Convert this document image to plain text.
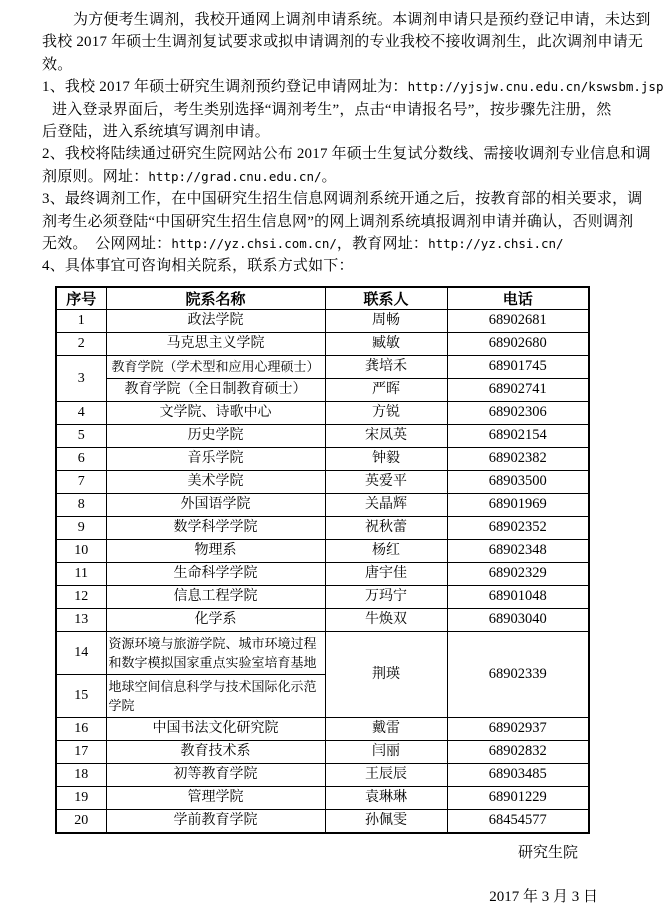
为方便考生调剂，我校开通网上调剂申请系统。本调剂申请只是预约登记申请，未达到
我校 2017 年硕士生调剂复试要求或拟申请调剂的专业我校不接收调剂生，此次调剂申请无
效。
1、我校 2017 年硕士研究生调剂预约登记申请网址为：http://yjsjw.cnu.edu.cn/kswsbm.jsp
进入登录界面后，考生类别选择“调剂考生”，点击“申请报名号”，按步骤先注册，然
后登陆，进入系统填写调剂申请。
2、我校将陆续通过研究生院网站公布 2017 年硕士生复试分数线、需接收调剂专业信息和调
剂原则。网址：http://grad.cnu.edu.cn/。
3、最终调剂工作，在中国研究生招生信息网调剂系统开通之后，按教育部的相关要求，调
剂考生必须登陆“中国研究生招生信息网”的网上调剂系统填报调剂申请并确认，否则调剂
无效。　公网网址：http://yz.chsi.com.cn/，教育网址：http://yz.chsi.cn/
4、具体事宜可咨询相关院系，联系方式如下：
序号	院系名称	联系人	电话
1	政法学院	周畅	68902681
2	马克思主义学院	臧敏	68902680
3	教育学院（学术型和应用心理硕士）	龚培禾	68901745
	教育学院（全日制教育硕士）	严晖	68902741
4	文学院、诗歌中心	方锐	68902306
5	历史学院	宋凤英	68902154
6	音乐学院	钟毅	68902382
7	美术学院	英爱平	68903500
8	外国语学院	关晶辉	68901969
9	数学科学学院	祝秋蕾	68902352
10	物理系	杨红	68902348
11	生命科学学院	唐宇佳	68902329
12	信息工程学院	万玛宁	68901048
13	化学系	牛焕双	68903040
14	资源环境与旅游学院、城市环境过程和数字模拟国家重点实验室培育基地	荆瑛	68902339
15	地球空间信息科学与技术国际化示范学院		
16	中国书法文化研究院	戴雷	68902937
17	教育技术系	闫丽	68902832
18	初等教育学院	王辰辰	68903485
19	管理学院	袁琳琳	68901229
20	学前教育学院	孙佩雯	68454577
研究生院
2017 年 3 月 3 日
